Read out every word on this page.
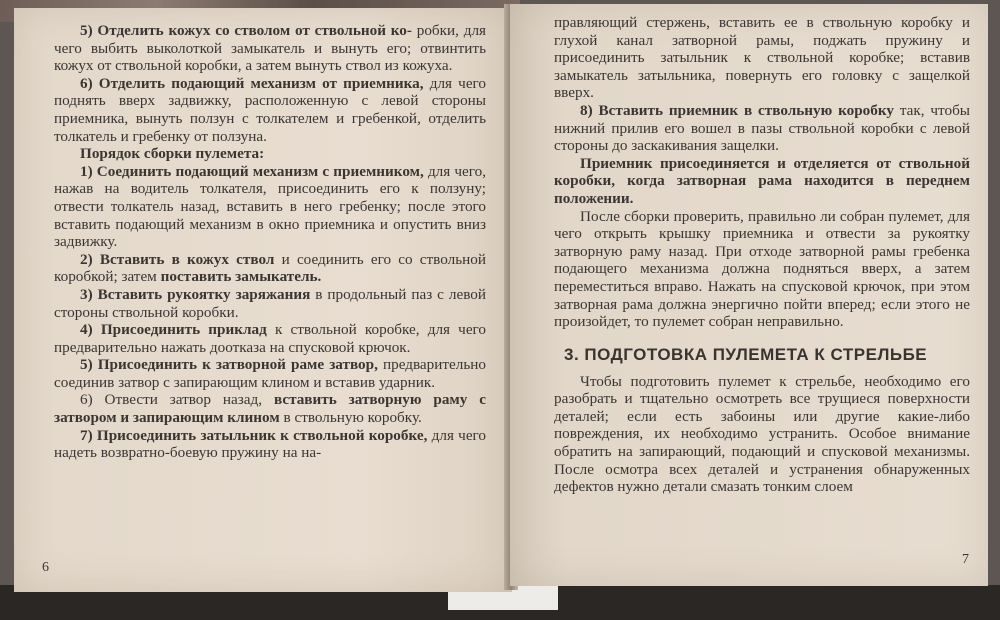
5) Отделить кожух со стволом от ствольной ко- робки, для чего выбить выколоткой замыкатель и вынуть его; отвинтить кожух от ствольной коробки, а затем вынуть ствол из кожуха.

6) Отделить подающий механизм от приемника, для чего поднять вверх задвижку, расположенную с левой стороны приемника, вынуть ползун с толкателем и гребенкой, отделить толкатель и гребенку от ползуна.

Порядок сборки пулемета:

1) Соединить подающий механизм с приемником, для чего, нажав на водитель толкателя, присоединить его к ползуну; отвести толкатель назад, вставить в него гребенку; после этого вставить подающий механизм в окно приемника и опустить вниз задвижку.

2) Вставить в кожух ствол и соединить его со ствольной коробкой; затем поставить замыкатель.

3) Вставить рукоятку заряжания в продольный паз с левой стороны ствольной коробки.

4) Присоединить приклад к ствольной коробке, для чего предварительно нажать доотказа на спусковой крючок.

5) Присоединить к затворной раме затвор, предварительно соединив затвор с запирающим клином и вставив ударник.

6) Отвести затвор назад, вставить затворную раму с затвором и запирающим клином в ствольную коробку.

7) Присоединить затыльник к ствольной коробке, для чего надеть возвратно-боевую пружину на на-

6

правляющий стержень, вставить ее в ствольную коробку и глухой канал затворной рамы, поджать пружину и присоединить затыльник к ствольной коробке; вставив замыкатель затыльника, повернуть его головку с защелкой вверх.

8) Вставить приемник в ствольную коробку так, чтобы нижний прилив его вошел в пазы ствольной коробки с левой стороны до заскакивания защелки.

Приемник присоединяется и отделяется от ствольной коробки, когда затворная рама находится в переднем положении.

После сборки проверить, правильно ли собран пулемет, для чего открыть крышку приемника и отвести за рукоятку затворную раму назад. При отходе затворной рамы гребенка подающего механизма должна подняться вверх, а затем переместиться вправо. Нажать на спусковой крючок, при этом затворная рама должна энергично пойти вперед; если этого не произойдет, то пулемет собран неправильно.

3. ПОДГОТОВКА ПУЛЕМЕТА К СТРЕЛЬБЕ

Чтобы подготовить пулемет к стрельбе, необходимо его разобрать и тщательно осмотреть все трущиеся поверхности деталей; если есть забоины или другие какие-либо повреждения, их необходимо устранить. Особое внимание обратить на запирающий, подающий и спусковой механизмы. После осмотра всех деталей и устранения обнаруженных дефектов нужно детали смазать тонким слоем

7
